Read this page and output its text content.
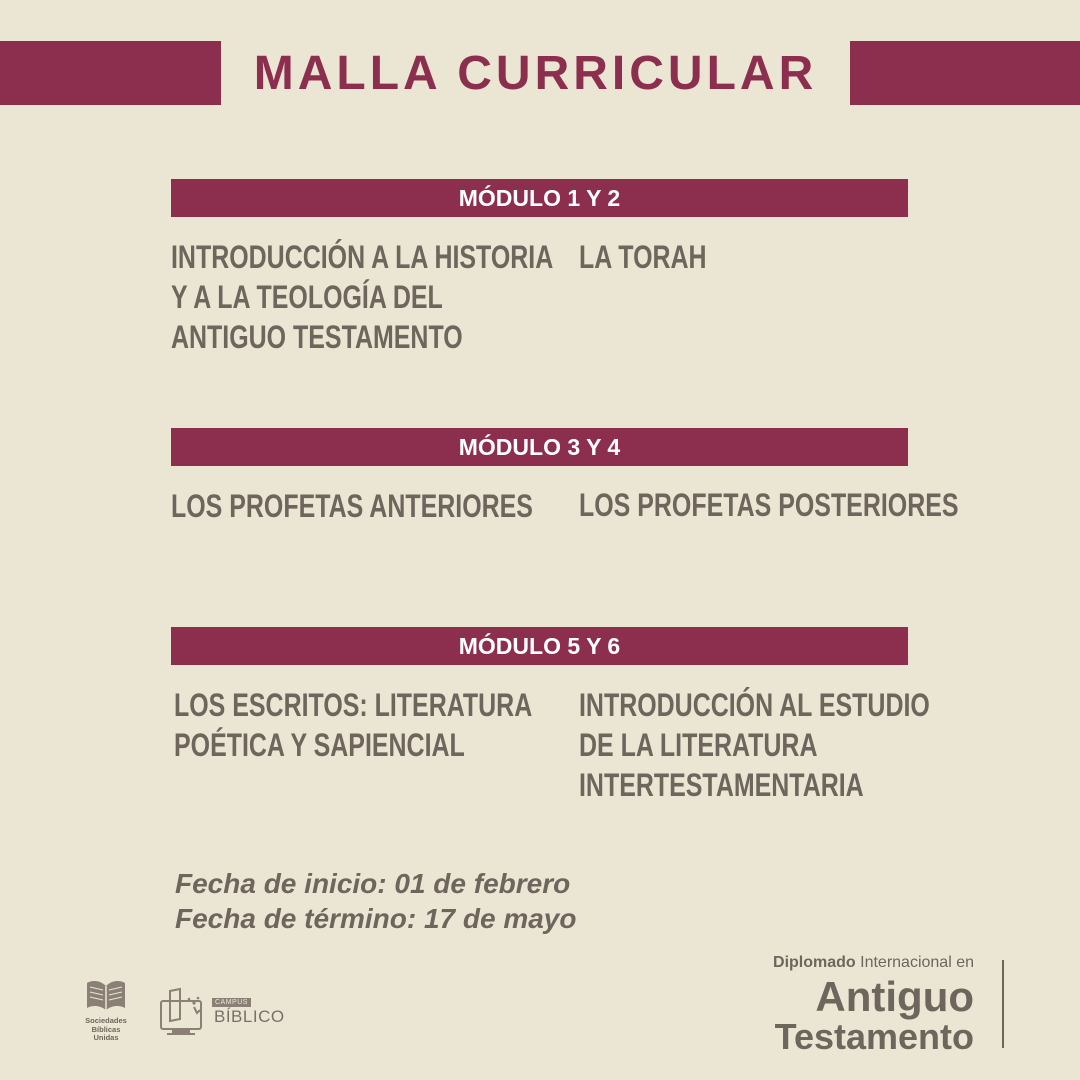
MALLA CURRICULAR
MÓDULO 1 Y 2
INTRODUCCIÓN A LA HISTORIA
Y A LA TEOLOGÍA DEL
ANTIGUO TESTAMENTO
LA TORAH
MÓDULO 3 Y 4
LOS PROFETAS ANTERIORES LOS PROFETAS POSTERIORES
MÓDULO 5 Y 6
LOS ESCRITOS: LITERATURA
POÉTICA Y SAPIENCIAL
INTRODUCCIÓN AL ESTUDIO
DE LA LITERATURA
INTERTESTAMENTARIA
Fecha de inicio: 01 de febrero
Fecha de término: 17 de mayo
Sociedades
Bíblicas
Unidas
CAMPUS
BÍBLICO
Diplomado Internacional en
Antiguo
Testamento
